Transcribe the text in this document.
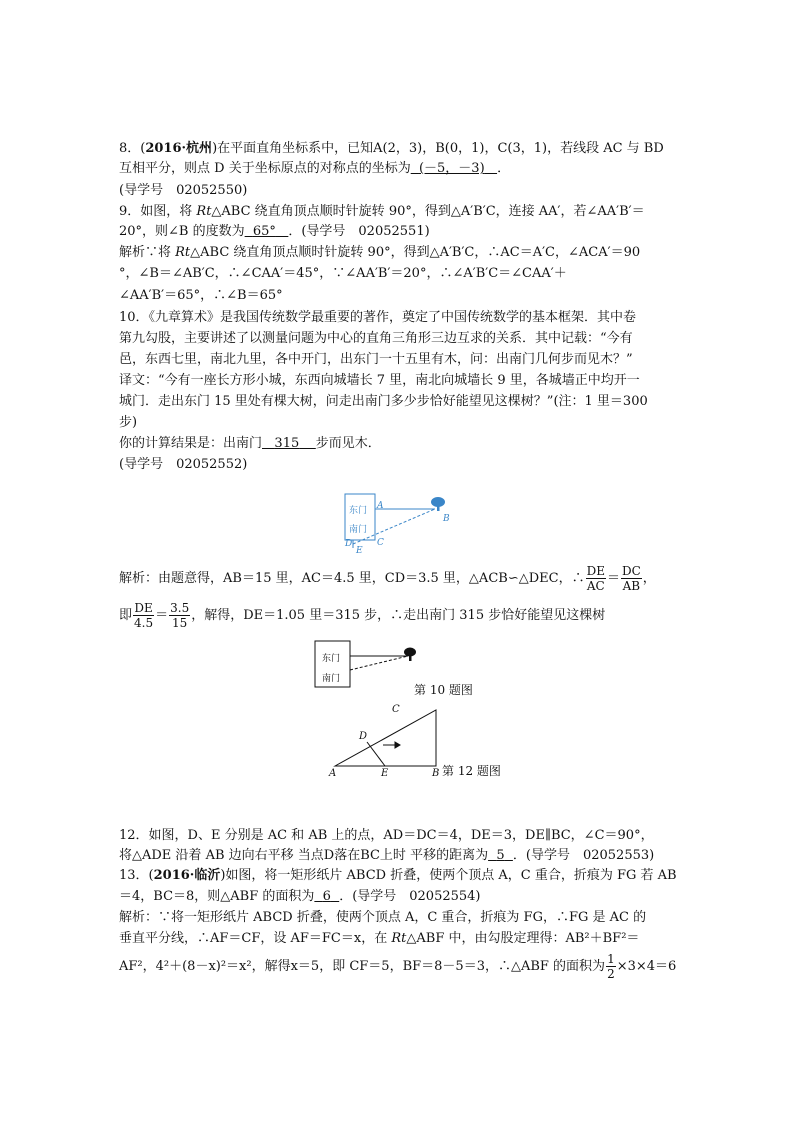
8．(2016·杭州)在平面直角坐标系中，已知A(2，3)，B(0，1)，C(3，1)，若线段 AC 与 BD
互相平分，则点 D 关于坐标原点的对称点的坐标为 (－5，－3) ．
(导学号　02052550)
9．如图，将 Rt△ABC 绕直角顶点顺时针旋转 90°，得到△A′B′C，连接 AA′，若∠AA′B′＝
20°，则∠B 的度数为 65° ．(导学号　02052551)
解析∵将 Rt△ABC 绕直角顶点顺时针旋转 90°，得到△A′B′C，∴AC＝A′C，∠ACA′＝90
°，∠B＝∠AB′C，∴∠CAA′＝45°，∵∠AA′B′＝20°，∴∠A′B′C＝∠CAA′＋
∠AA′B′＝65°，∴∠B＝65°
10．《九章算术》是我国传统数学最重要的著作，奠定了中国传统数学的基本框架．其中卷
第九勾股，主要讲述了以测量问题为中心的直角三角形三边互求的关系．其中记载：“今有
邑，东西七里，南北九里，各中开门，出东门一十五里有木，问：出南门几何步而见木？”
译文：“今有一座长方形小城，东西向城墙长 7 里，南北向城墙长 9 里，各城墙正中均开一
城门．走出东门 15 里处有棵大树，问走出南门多少步恰好能望见这棵树？”(注：1 里＝300
步)
你的计算结果是：出南门 315 步而见木．
(导学号　02052552)
东门
南门
A
B
C
D
E
解析：由题意得，AB＝15 里，AC＝4.5 里，CD＝3.5 里，△ACB∽△DEC，∴ $\frac{DE}{AC} = \frac{DC}{AB}$ ，
即 $\frac{DE}{4.5} = \frac{3.5}{15}$ ，解得，DE＝1.05 里＝315 步，∴走出南门 315 步恰好能望见这棵树
东门
南门
第 10 题图
A	B
C
D
E	第 12 题图
12．如图，D、E 分别是 AC 和 AB 上的点，AD＝DC＝4，DE＝3，DE∥BC，∠C＝90°，
将△ADE 沿着 AB 边向右平移 当点D落在BC上时 平移的距离为 5 ．(导学号　02052553)
13．(2016·临沂)如图，将一矩形纸片 ABCD 折叠，使两个顶点 A，C 重合，折痕为 FG 若 AB
＝4，BC＝8，则△ABF 的面积为 6 ．(导学号　02052554)
解析：∵将一矩形纸片 ABCD 折叠，使两个顶点 A，C 重合，折痕为 FG，∴FG 是 AC 的
垂直平分线，∴AF＝CF，设 AF＝FC＝x，在 Rt△ABF 中，由勾股定理得：AB²＋BF²＝
AF²，4²＋(8－x)²＝x²，解得x＝5，即 CF＝5，BF＝8－5＝3，∴△ABF 的面积为 $\frac{1}{2} \times 3\times 4=6$
